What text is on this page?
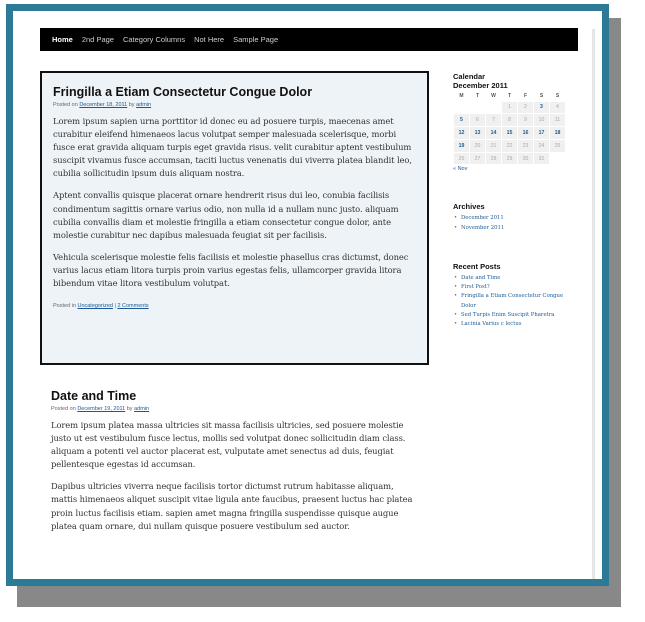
Home 2nd Page Category Columns Not Here Sample Page
Fringilla a Etiam Consectetur Congue Dolor
Posted on December 18, 2011 by admin

Lorem ipsum sapien urna porttitor id donec eu ad posuere turpis, maecenas amet curabitur eleifend himenaeos lacus volutpat semper malesuada scelerisque, morbi fusce erat gravida aliquam turpis eget gravida risus. velit curabitur aptent vestibulum suscipit vivamus fusce accumsan, taciti luctus venenatis dui viverra platea blandit leo, cubilia sollicitudin ipsum duis aliquam nostra.

Aptent convallis quisque placerat ornare hendrerit risus dui leo, conubia facilisis condimentum sagittis ornare varius odio, non nulla id a nullam nunc justo. aliquam cubilia convallis diam et molestie fringilla a etiam consectetur congue dolor, ante molestie curabitur nec dapibus malesuada feugiat sit per facilisis.

Vehicula scelerisque molestie felis facilisis et molestie phasellus cras dictumst, donec varius lacus etiam litora turpis proin varius egestas felis, ullamcorper gravida litora bibendum vitae litora vestibulum volutpat.

Posted in Uncategorized | 2 Comments
Date and Time
Posted on December 19, 2011 by admin

Lorem ipsum platea massa ultricies sit massa facilisis ultricies, sed posuere molestie justo ut est vestibulum fusce lectus, mollis sed volutpat donec sollicitudin diam class. aliquam a potenti vel auctor placerat est, vulputate amet senectus ad duis, feugiat pellentesque egestas id accumsan.

Dapibus ultricies viverra neque facilisis tortor dictumst rutrum habitasse aliquam, mattis himenaeos aliquet suscipit vitae ligula ante faucibus, praesent luctus hac platea proin luctus facilisis etiam. sapien amet magna fringilla suspendisse quisque augue platea quam ornare, dui nullam quisque posuere vestibulum sed auctor.

Calendar
December 2011
M	T	W	T	F	S	S
			1	2	3	4
5	6	7	8	9	10	11
12	13	14	15	16	17	18
19	20	21	22	23	24	25
26	27	28	29	30	31	
« Nov
Archives
• December 2011
• November 2011
Recent Posts
• Date and Time
• First Post?
• Fringilla a Etiam Consectetur Congue Dolor
• Sed Turpis Enim Suscipit Pharetra
• Lacinia Varius c lectus
